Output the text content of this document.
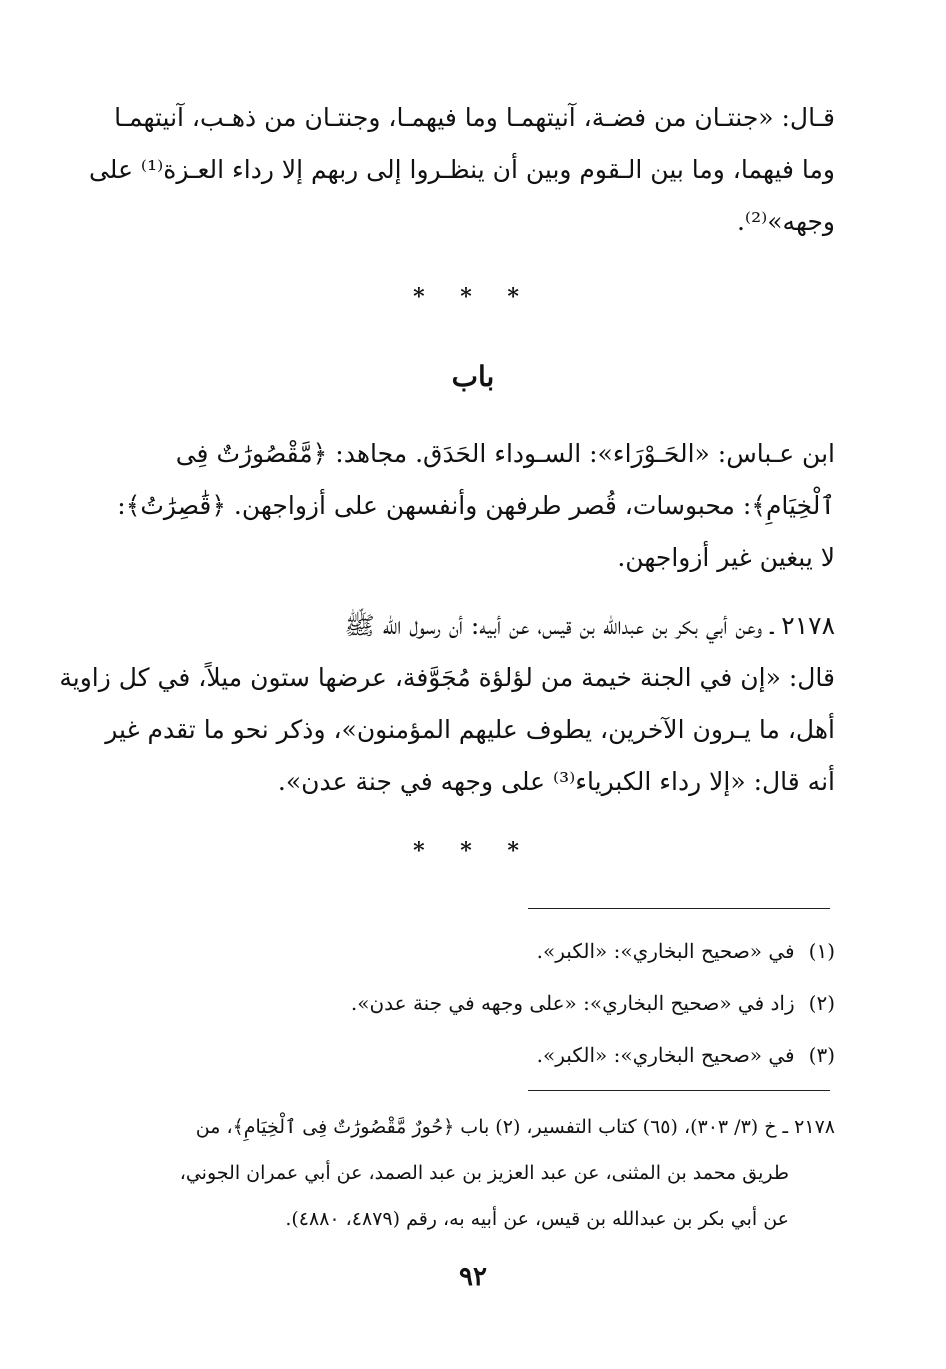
قـال: «جنتـان من فضـة، آنيتهمـا وما فيهمـا، وجنتـان من ذهـب، آنيتهمـا
وما فيهما، وما بين الـقوم وبين أن ينظـروا إلى ربهم إلا رداء العـزة⁽¹⁾ على
وجهه»⁽²⁾.
* * *
باب
ابن عـباس: «الحَـوْرَاء»: السـوداء الحَدَق. مجاهد: ﴿مَّقْصُورَٰتٌ فِى
ٱلْخِيَامِ﴾: محبوسات، قُصر طرفهن وأنفسهن على أزواجهن. ﴿قَٰصِرَٰتُ﴾:
لا يبغين غير أزواجهن.
٢١٧٨ ـ وعن أبي بكر بن عبدالله بن قيس، عن أبيه: أن رسول الله ﷺ
قال: «إن في الجنة خيمة من لؤلؤة مُجَوَّفة، عرضها ستون ميلاً، في كل زاوية
أهل، ما يـرون الآخرين، يطوف عليهم المؤمنون»، وذكر نحو ما تقدم غير
أنه قال: «إلا رداء الكبرياء⁽³⁾ على وجهه في جنة عدن».
* * *
(١)في «صحيح البخاري»: «الكبر».
(٢)زاد في «صحيح البخاري»: «على وجهه في جنة عدن».
(٣)في «صحيح البخاري»: «الكبر».
٢١٧٨ ـ خ (٣/ ٣٠٣)، (٦٥) كتاب التفسير، (٢) باب ﴿حُورٌ مَّقْصُورَٰتٌ فِى ٱلْخِيَامِ﴾، من
طريق محمد بن المثنى، عن عبد العزيز بن عبد الصمد، عن أبي عمران الجوني،
عن أبي بكر بن عبدالله بن قيس، عن أبيه به، رقم (٤٨٧٩، ٤٨٨٠).
٩٢
